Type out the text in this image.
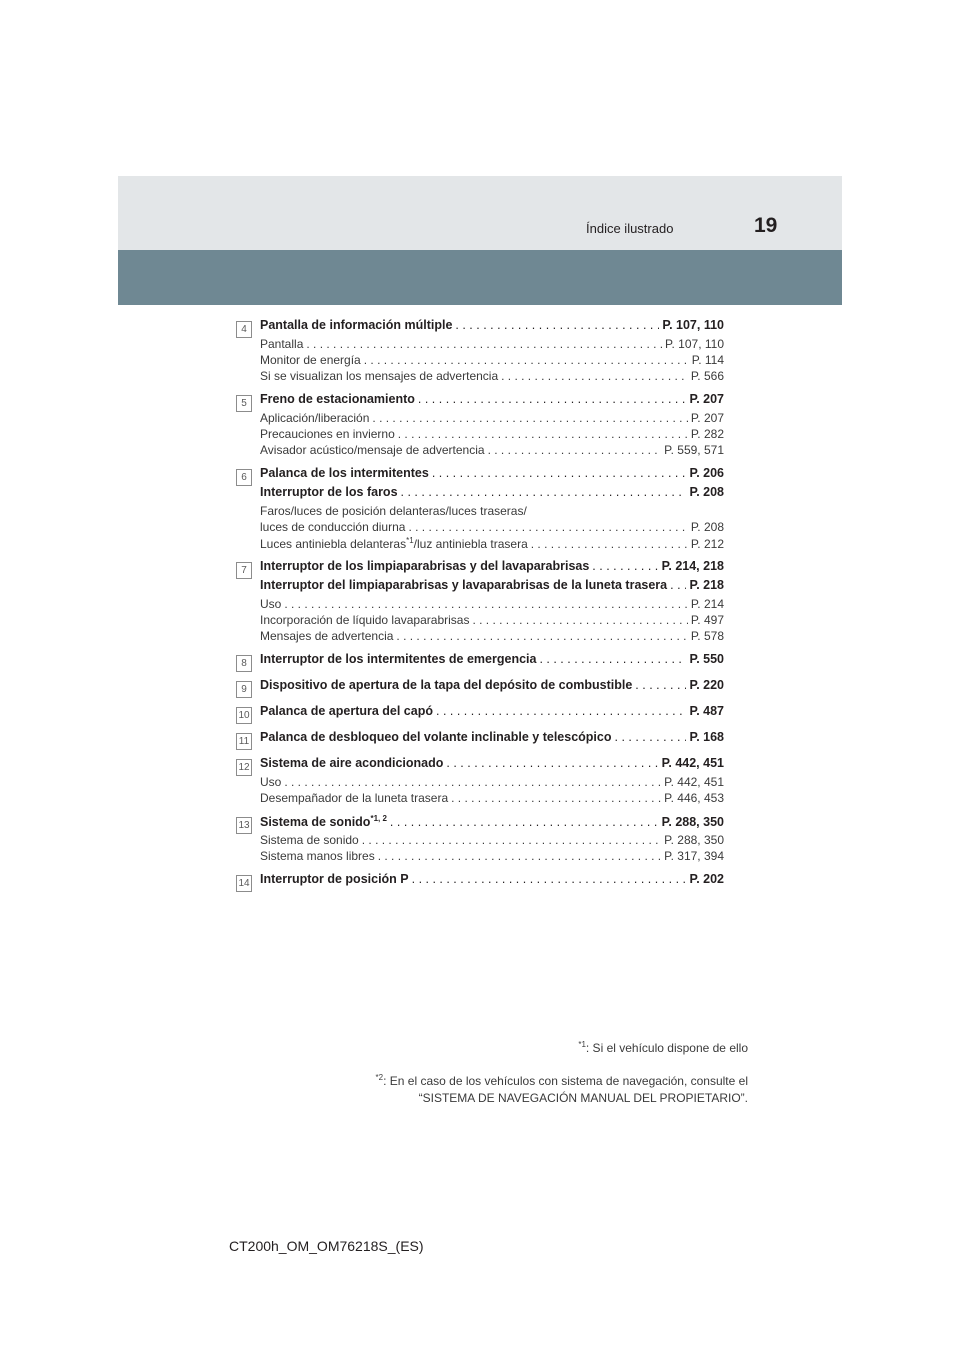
Índice ilustrado	19
4	Pantalla de información múltiple . . .	P. 107, 110
Pantalla . . .	P. 107, 110
Monitor de energía . . .	P. 114
Si se visualizan los mensajes de advertencia . . .	P. 566
5	Freno de estacionamiento . . .	P. 207
Aplicación/liberación . . .	P. 207
Precauciones en invierno . . .	P. 282
Avisador acústico/mensaje de advertencia . . .	P. 559, 571
6	Palanca de los intermitentes . . .	P. 206
Interruptor de los faros . . .	P. 208
Faros/luces de posición delanteras/luces traseras/
luces de conducción diurna . . .	P. 208
Luces antiniebla delanteras$^{*1}$/luz antiniebla trasera . . .	P. 212
7	Interruptor de los limpiaparabrisas y del lavaparabrisas . . .	P. 214, 218
Interruptor del limpiaparabrisas y lavaparabrisas de la luneta trasera . . . P. 218
Uso . . .	P. 214
Incorporación de líquido lavaparabrisas . . .	P. 497
Mensajes de advertencia . . .	P. 578
8	Interruptor de los intermitentes de emergencia . . .	P. 550
9	Dispositivo de apertura de la tapa del depósito de combustible . . .	P. 220
10 Palanca de apertura del capó . . .	P. 487
11 Palanca de desbloqueo del volante inclinable y telescópico . . .	P. 168
12 Sistema de aire acondicionado . . .	P. 442, 451
Uso . . .	P. 442, 451
Desempañador de la luneta trasera . . .	P. 446, 453
13 Sistema de sonido$^{*1, 2}$ . . .	P. 288, 350
Sistema de sonido . . .	P. 288, 350
Sistema manos libres . . .	P. 317, 394
14 Interruptor de posición P . . .	P. 202
$^{*1}$: Si el vehículo dispone de ello
$^{*2}$: En el caso de los vehículos con sistema de navegación, consulte el
“SISTEMA DE NAVEGACIÓN MANUAL DEL PROPIETARIO”.
CT200h_OM_OM76218S_(ES)
